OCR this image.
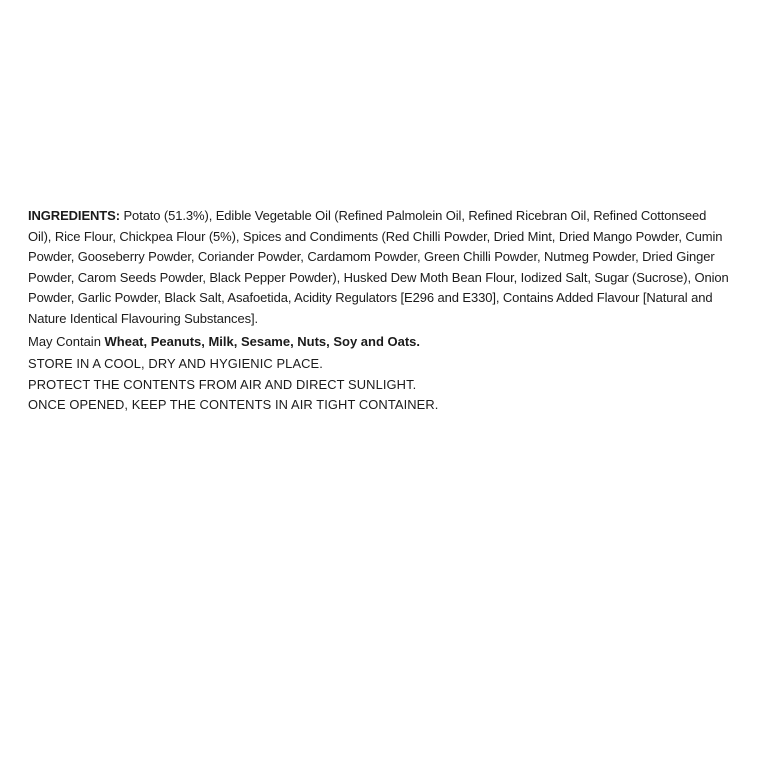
INGREDIENTS: Potato (51.3%), Edible Vegetable Oil (Refined Palmolein Oil, Refined Ricebran Oil, Refined Cottonseed Oil), Rice Flour, Chickpea Flour (5%), Spices and Condiments (Red Chilli Powder, Dried Mint, Dried Mango Powder, Cumin Powder, Gooseberry Powder, Coriander Powder, Cardamom Powder, Green Chilli Powder, Nutmeg Powder, Dried Ginger Powder, Carom Seeds Powder, Black Pepper Powder), Husked Dew Moth Bean Flour, Iodized Salt, Sugar (Sucrose), Onion Powder, Garlic Powder, Black Salt, Asafoetida, Acidity Regulators [E296 and E330], Contains Added Flavour [Natural and Nature Identical Flavouring Substances].

May Contain Wheat, Peanuts, Milk, Sesame, Nuts, Soy and Oats.

STORE IN A COOL, DRY AND HYGIENIC PLACE.
PROTECT THE CONTENTS FROM AIR AND DIRECT SUNLIGHT.
ONCE OPENED, KEEP THE CONTENTS IN AIR TIGHT CONTAINER.
